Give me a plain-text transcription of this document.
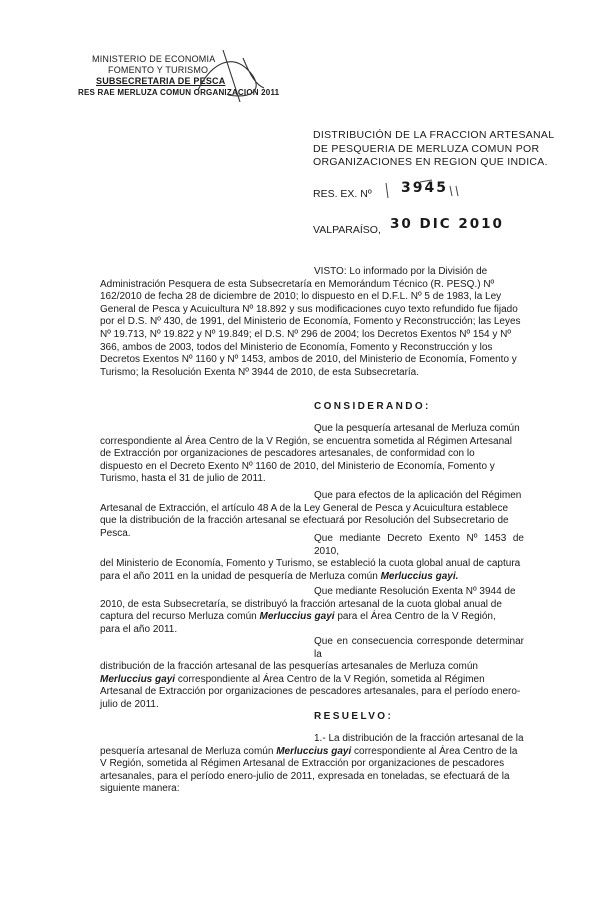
MINISTERIO DE ECONOMIA
FOMENTO Y TURISMO
SUBSECRETARIA DE PESCA
RES RAE MERLUZA COMUN ORGANIZACION 2011
DISTRIBUCIÓN DE LA FRACCION ARTESANAL
DE PESQUERIA DE MERLUZA COMUN POR
ORGANIZACIONES EN REGION QUE INDICA.
RES. EX. Nº 3945
VALPARAÍSO, 30 DIC 2010
VISTO: Lo informado por la División de
Administración Pesquera de esta Subsecretaría en Memorándum Técnico (R. PESQ.) Nº
162/2010 de fecha 28 de diciembre de 2010; lo dispuesto en el D.F.L. Nº 5 de 1983, la Ley
General de Pesca y Acuicultura Nº 18.892 y sus modificaciones cuyo texto refundido fue fijado
por el D.S. Nº 430, de 1991, del Ministerio de Economía, Fomento y Reconstrucción; las Leyes
Nº 19.713, Nº 19.822 y Nº 19.849; el D.S. Nº 296 de 2004; los Decretos Exentos Nº 154 y Nº
366, ambos de 2003, todos del Ministerio de Economía, Fomento y Reconstrucción y los
Decretos Exentos Nº 1160 y Nº 1453, ambos de 2010, del Ministerio de Economía, Fomento y
Turismo; la Resolución Exenta Nº 3944 de 2010, de esta Subsecretaría.
CONSIDERANDO:
Que la pesquería artesanal de Merluza común
correspondiente al Área Centro de la V Región, se encuentra sometida al Régimen Artesanal
de Extracción por organizaciones de pescadores artesanales, de conformidad con lo
dispuesto en el Decreto Exento Nº 1160 de 2010, del Ministerio de Economía, Fomento y
Turismo, hasta el 31 de julio de 2011.
Que para efectos de la aplicación del Régimen
Artesanal de Extracción, el artículo 48 A de la Ley General de Pesca y Acuicultura establece
que la distribución de la fracción artesanal se efectuará por Resolución del Subsecretario de
Pesca.	Que mediante Decreto Exento Nº 1453 de 2010,
del Ministerio de Economía, Fomento y Turismo, se estableció la cuota global anual de captura
para el año 2011 en la unidad de pesquería de Merluza común Merluccius gayi.
Que mediante Resolución Exenta Nº 3944 de
2010, de esta Subsecretaría, se distribuyó la fracción artesanal de la cuota global anual de
captura del recurso Merluza común Merluccius gayi para el Área Centro de la V Región,
para el año 2011.
Que en consecuencia corresponde determinar la
distribución de la fracción artesanal de las pesquerías artesanales de Merluza común
Merluccius gayi correspondiente al Área Centro de la V Región, sometida al Régimen
Artesanal de Extracción por organizaciones de pescadores artesanales, para el período enero-
julio de 2011.
RESUELVO:
1.- La distribución de la fracción artesanal de la
pesquería artesanal de Merluza común Merluccius gayi correspondiente al Área Centro de la
V Región, sometida al Régimen Artesanal de Extracción por organizaciones de pescadores
artesanales, para el período enero-julio de 2011, expresada en toneladas, se efectuará de la
siguiente manera:
